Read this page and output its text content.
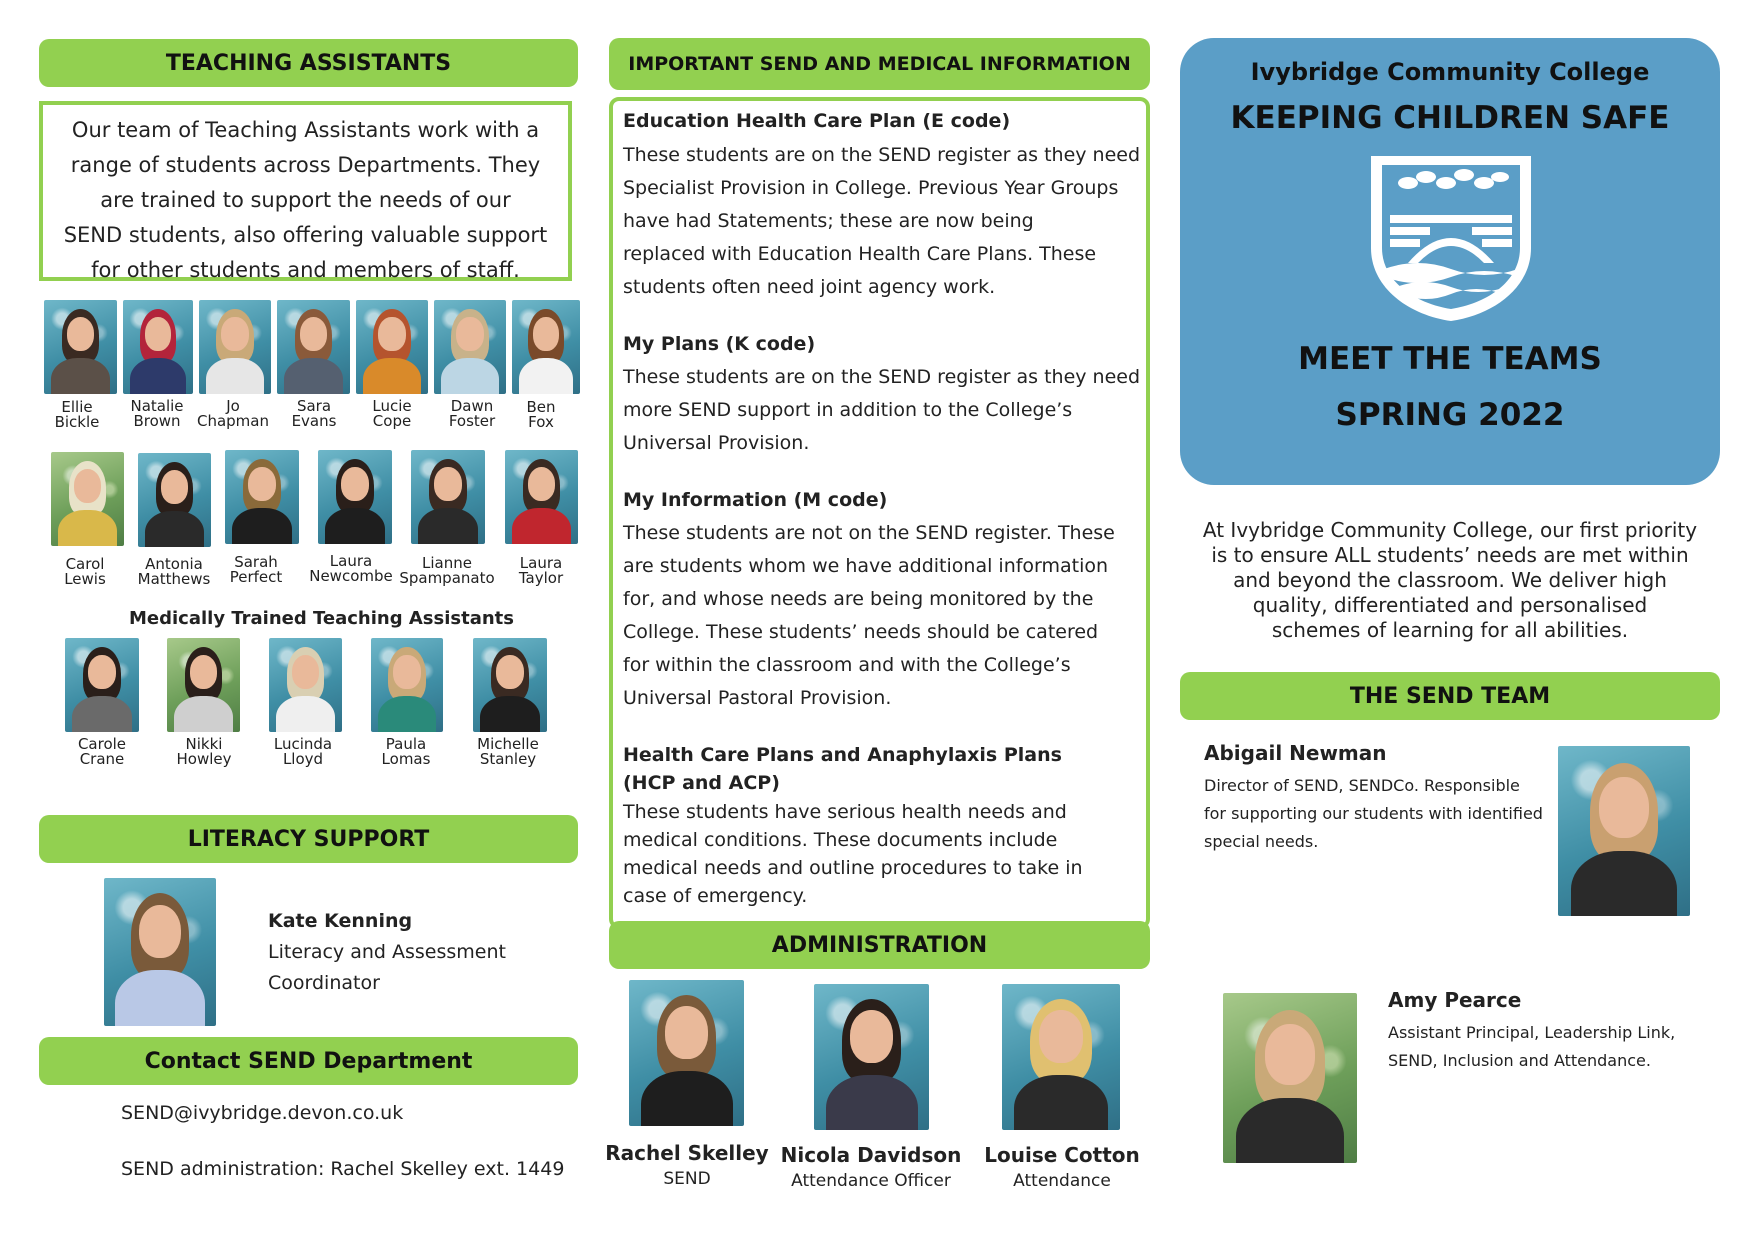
TEACHING ASSISTANTS
Our team of Teaching Assistants work with a
range of students across Departments. They
are trained to support the needs of our
SEND students, also offering valuable support
for other students and members of staff.
Ellie
Bickle
Natalie
Brown
Jo
Chapman
Sara
Evans
Lucie
Cope
Dawn
Foster
Ben
Fox
Carol
Lewis
Antonia
Matthews
Sarah
Perfect
Laura
Newcombe
Lianne
Spampanato
Laura
Taylor
Medically Trained Teaching Assistants
Carole
Crane
Nikki
Howley
Lucinda
Lloyd
Paula
Lomas
Michelle
Stanley
LITERACY SUPPORT
Kate Kenning
Literacy and Assessment
Coordinator
Contact SEND Department
SEND@ivybridge.devon.co.uk
SEND administration: Rachel Skelley ext. 1449
IMPORTANT SEND AND MEDICAL INFORMATION
Education Health Care Plan (E code)
These students are on the SEND register as they need
Specialist Provision in College. Previous Year Groups
have had Statements; these are now being
replaced with Education Health Care Plans. These
students often need joint agency work.
My Plans (K code)
These students are on the SEND register as they need
more SEND support in addition to the College’s
Universal Provision.
My Information (M code)
These students are not on the SEND register. These
are students whom we have additional information
for, and whose needs are being monitored by the
College. These students’ needs should be catered
for within the classroom and with the College’s
Universal Pastoral Provision.
Health Care Plans and Anaphylaxis Plans
(HCP and ACP)
These students have serious health needs and
medical conditions. These documents include
medical needs and outline procedures to take in
case of emergency.
ADMINISTRATION
Rachel Skelley
SEND
Nicola Davidson
Attendance Officer
Louise Cotton
Attendance
Ivybridge Community College
KEEPING CHILDREN SAFE
MEET THE TEAMS
SPRING 2022
At Ivybridge Community College, our first priority
is to ensure ALL students’ needs are met within
and beyond the classroom. We deliver high
quality, differentiated and personalised
schemes of learning for all abilities.
THE SEND TEAM
Abigail Newman
Director of SEND, SENDCo. Responsible
for supporting our students with identified
special needs.
Amy Pearce
Assistant Principal, Leadership Link,
SEND, Inclusion and Attendance.
